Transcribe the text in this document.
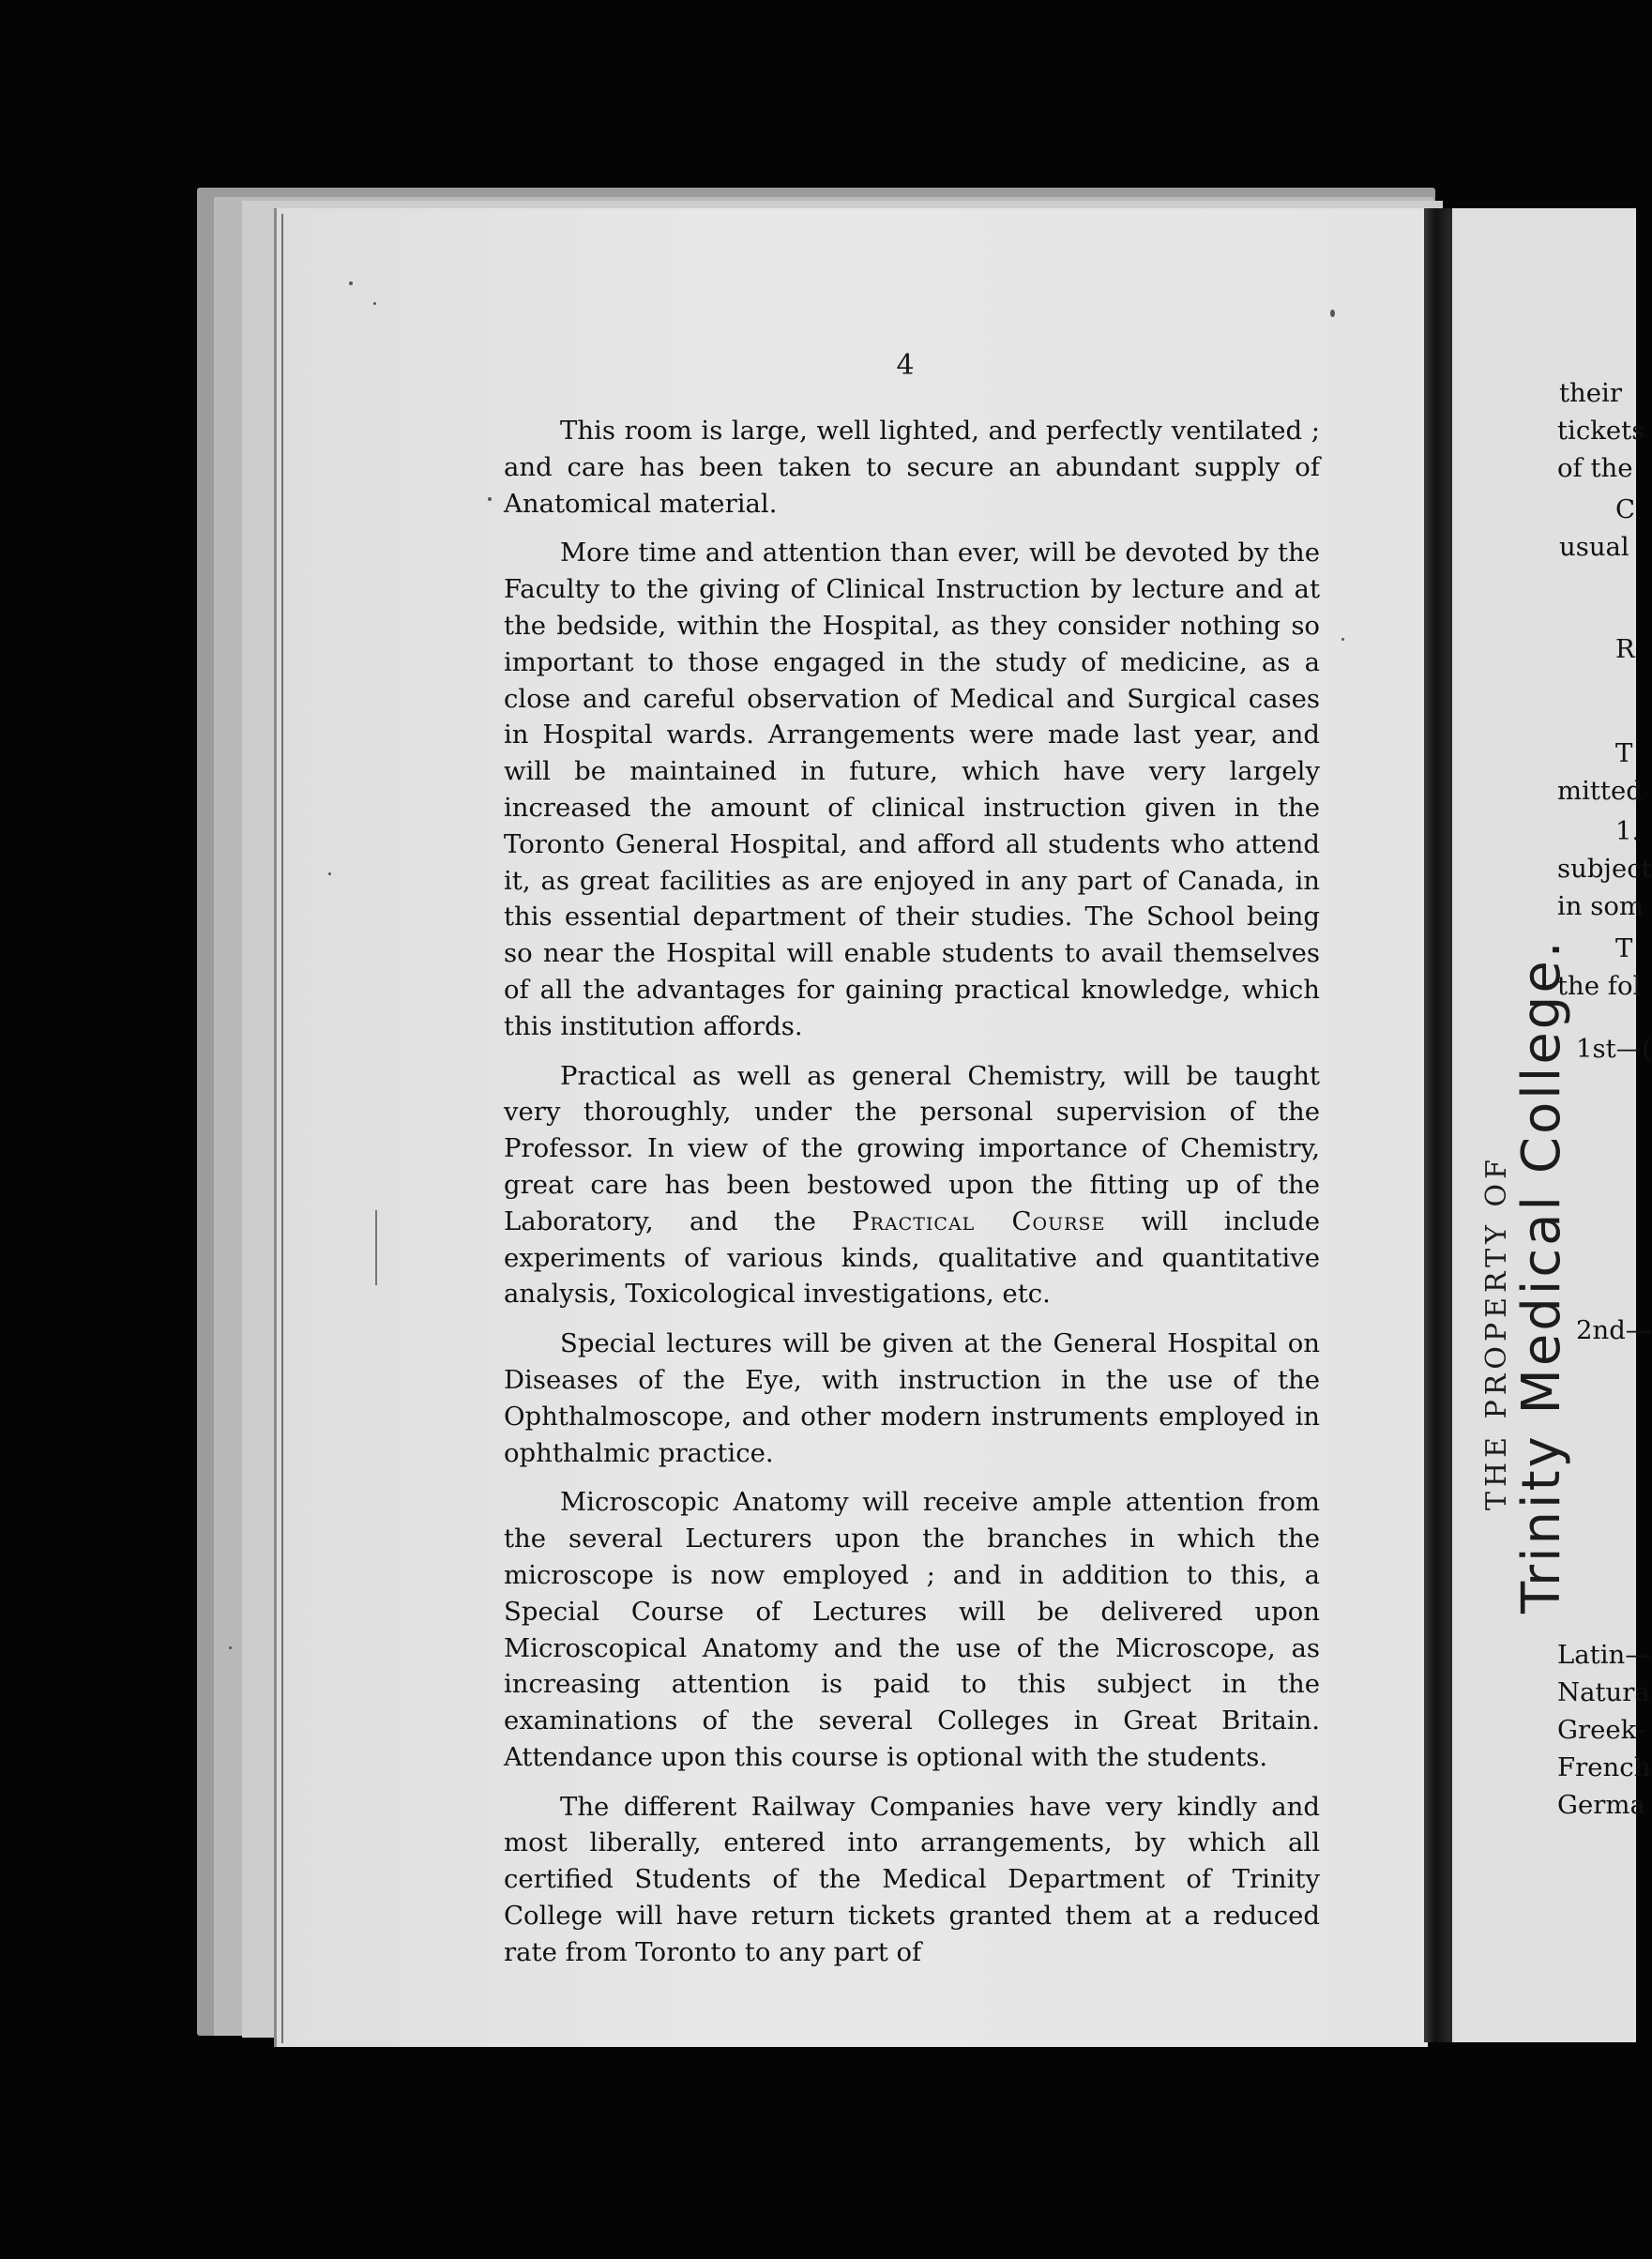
4

This room is large, well lighted, and perfectly ventilated ; and care has been taken to secure an abundant supply of Anatomical material.

More time and attention than ever, will be devoted by the Faculty to the giving of Clinical Instruction by lecture and at the bedside, within the Hospital, as they consider nothing so important to those engaged in the study of medicine, as a close and careful observation of Medical and Surgical cases in Hospital wards. Arrangements were made last year, and will be maintained in future, which have very largely increased the amount of clinical instruction given in the Toronto General Hospital, and afford all students who attend it, as great facilities as are enjoyed in any part of Canada, in this essential department of their studies. The School being so near the Hospital will enable students to avail themselves of all the advantages for gaining practical knowledge, which this institution affords.

Practical as well as general Chemistry, will be taught very thoroughly, under the personal supervision of the Professor. In view of the growing importance of Chemistry, great care has been bestowed upon the fitting up of the Laboratory, and the Practical Course will include experiments of various kinds, qualitative and quantitative analysis, Toxicological investigations, etc.

Special lectures will be given at the General Hospital on Diseases of the Eye, with instruction in the use of the Ophthalmoscope, and other modern instruments employed in ophthalmic practice.

Microscopic Anatomy will receive ample attention from the several Lecturers upon the branches in which the microscope is now employed ; and in addition to this, a Special Course of Lectures will be delivered upon Microscopical Anatomy and the use of the Microscope, as increasing attention is paid to this subject in the examinations of the several Colleges in Great Britain. Attendance upon this course is optional with the students.

The different Railway Companies have very kindly and most liberally, entered into arrangements, by which all certified Students of the Medical Department of Trinity College will have return tickets granted them at a reduced rate from Toronto to any part of

their
tickets
of the
C
usual
R
T
mitted
1.
subject
in som
T
the fol
1st—(
2nd—
Latin—
Natura
Greek-
French
Germa
THE PROPERTY OF
Trinity Medical College.
